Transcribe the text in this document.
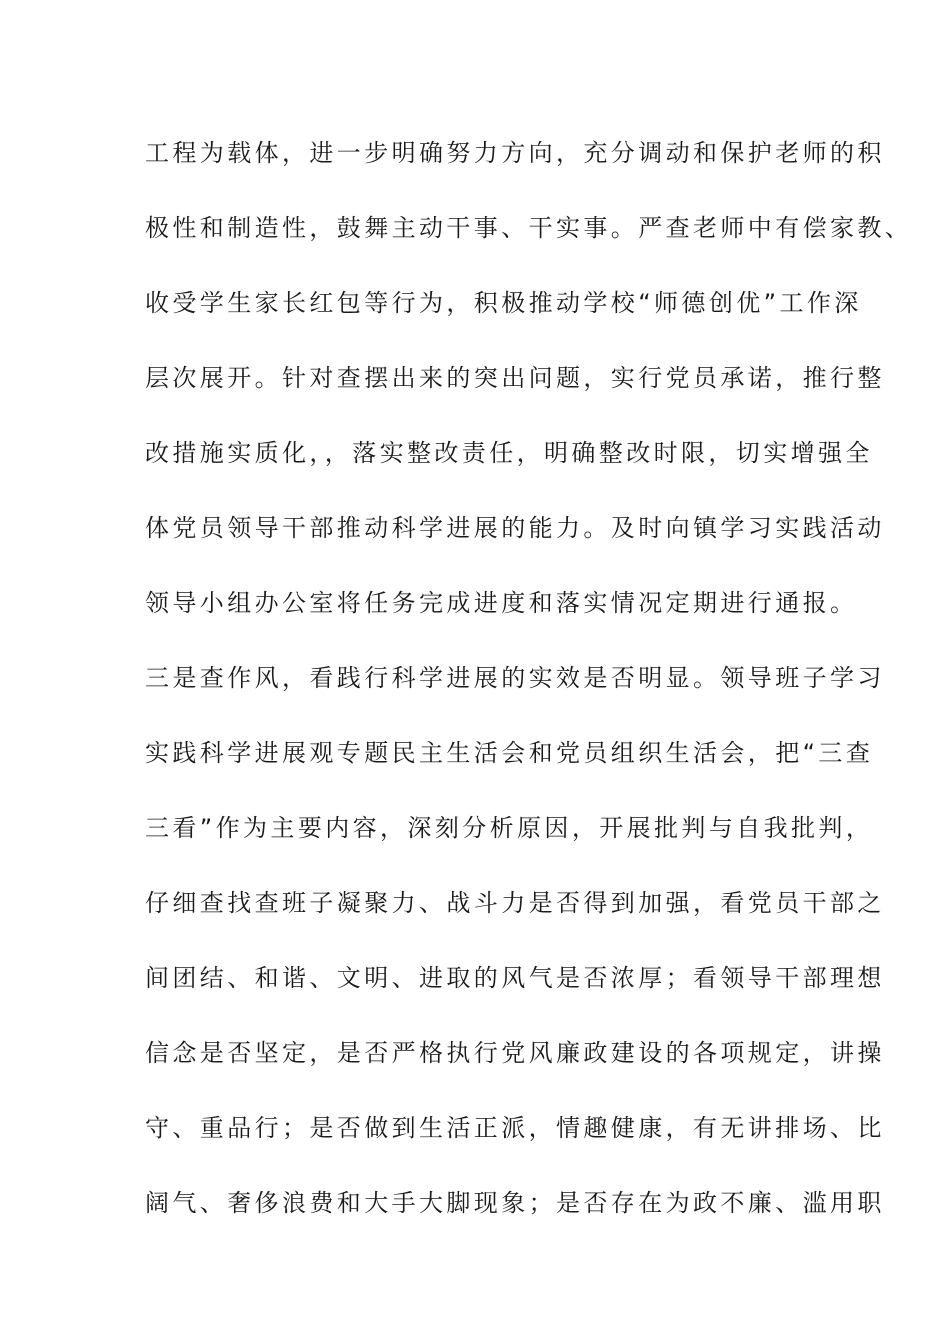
工程为载体，进一步明确努力方向，充分调动和保护老师的积
极性和制造性，鼓舞主动干事、干实事。严查老师中有偿家教、
收受学生家长红包等行为，积极推动学校“师德创优”工作深
层次展开。针对查摆出来的突出问题，实行党员承诺，推行整
改措施实质化，，落实整改责任，明确整改时限，切实增强全
体党员领导干部推动科学进展的能力。及时向镇学习实践活动
领导小组办公室将任务完成进度和落实情况定期进行通报。
三是查作风，看践行科学进展的实效是否明显。领导班子学习
实践科学进展观专题民主生活会和党员组织生活会，把“三查
三看”作为主要内容，深刻分析原因，开展批判与自我批判，
仔细查找查班子凝聚力、战斗力是否得到加强，看党员干部之
间团结、和谐、文明、进取的风气是否浓厚；看领导干部理想
信念是否坚定，是否严格执行党风廉政建设的各项规定，讲操
守、重品行；是否做到生活正派，情趣健康，有无讲排场、比
阔气、奢侈浪费和大手大脚现象；是否存在为政不廉、滥用职
